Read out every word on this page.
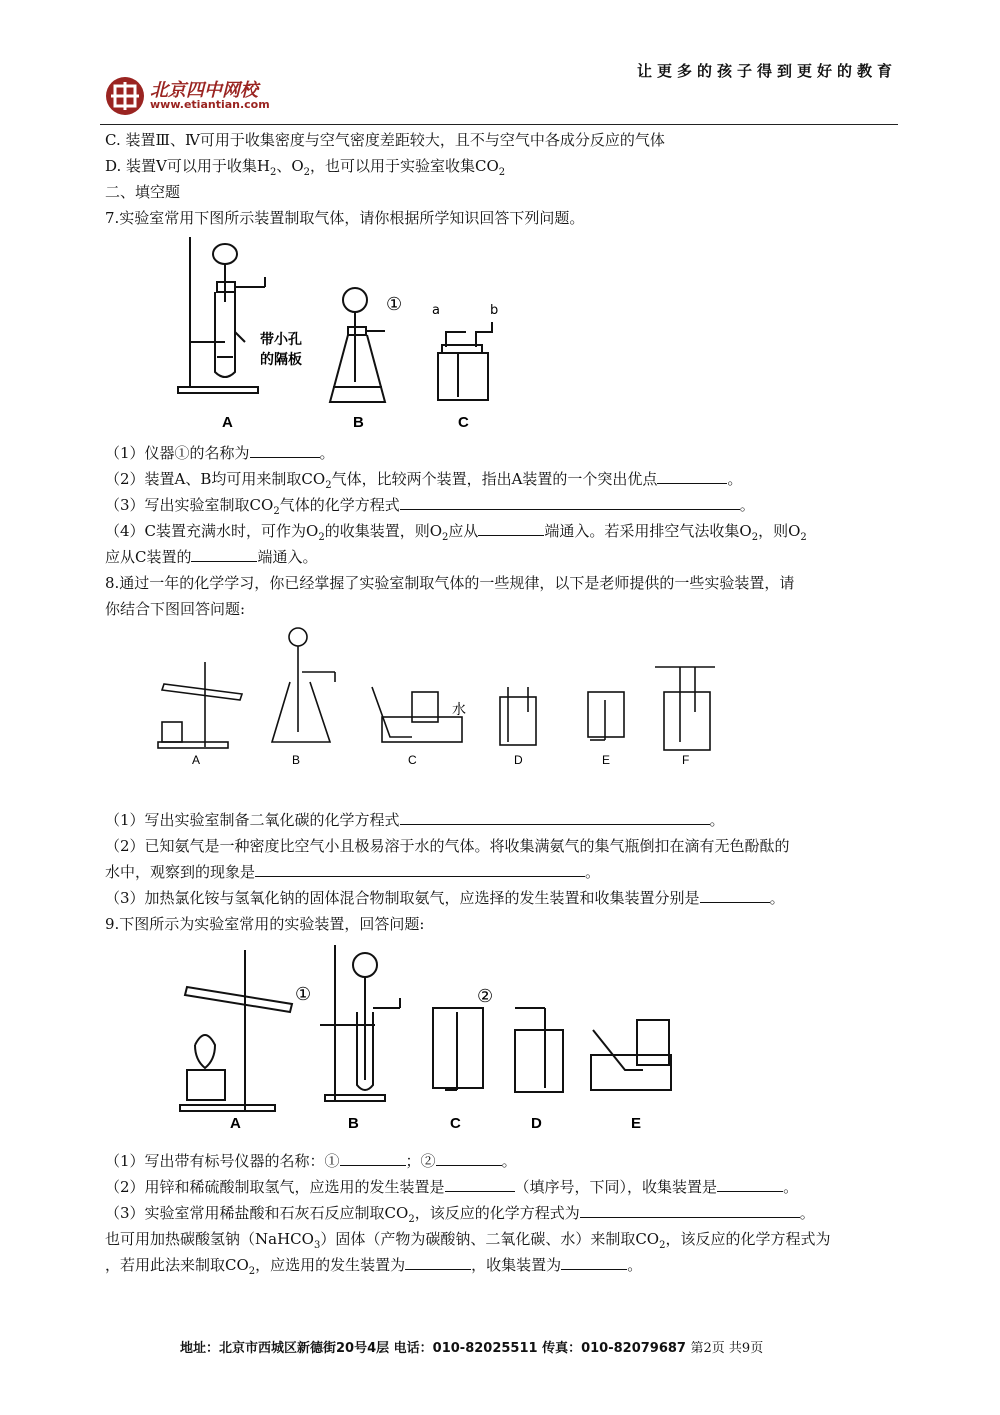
北京四中网校
www.etiantian.com
让更多的孩子得到更好的教育
C. 装置Ⅲ、Ⅳ可用于收集密度与空气密度差距较大，且不与空气中各成分反应的气体
D. 装置Ⅴ可以用于收集$H_2$、$O_2$，也可以用于实验室收集$CO_2$
二、填空题
7.实验室常用下图所示装置制取气体，请你根据所学知识回答下列问题。
带小孔
的隔板
① a	b
A	B	C
（1）仪器①的名称为	。
（2）装置A、B均可用来制取$CO_2$气体，比较两个装置，指出A装置的一个突出优点	。
（3）写出实验室制取$CO_2$气体的化学方程式	。
（4）C装置充满水时，可作为$O_2$的收集装置，则$O_2$应从	端通入。若采用排空气法收集$O_2$，则$O_2$
应从C装置的	端通入。
8.通过一年的化学学习，你已经掌握了实验室制取气体的一些规律，以下是老师提供的一些实验装置，请
你结合下图回答问题:
水
A	B	C	D	E	F
（1）写出实验室制备二氧化碳的化学方程式	。
（2）已知氨气是一种密度比空气小且极易溶于水的气体。将收集满氨气的集气瓶倒扣在滴有无色酚酞的
水中，观察到的现象是	。
（3）加热氯化铵与氢氧化钠的固体混合物制取氨气，应选择的发生装置和收集装置分别是	。
9.下图所示为实验室常用的实验装置，回答问题:
①	②
A	B	C	D	E
（1）写出带有标号仪器的名称：①	；②	。
（2）用锌和稀硫酸制取氢气，应选用的发生装置是	（填序号，下同），收集装置是	。
（3）实验室常用稀盐酸和石灰石反应制取$CO_2$，该反应的化学方程式为	。
也可用加热碳酸氢钠（NaHCO$_3$）固体（产物为碳酸钠、二氧化碳、水）来制取$CO_2$，该反应的化学方程式为
，若用此法来制取$CO_2$，应选用的发生装置为	，收集装置为	。
地址：北京市西城区新德街20号4层 电话：010-82025511 传真：010-82079687 第2页 共9页
